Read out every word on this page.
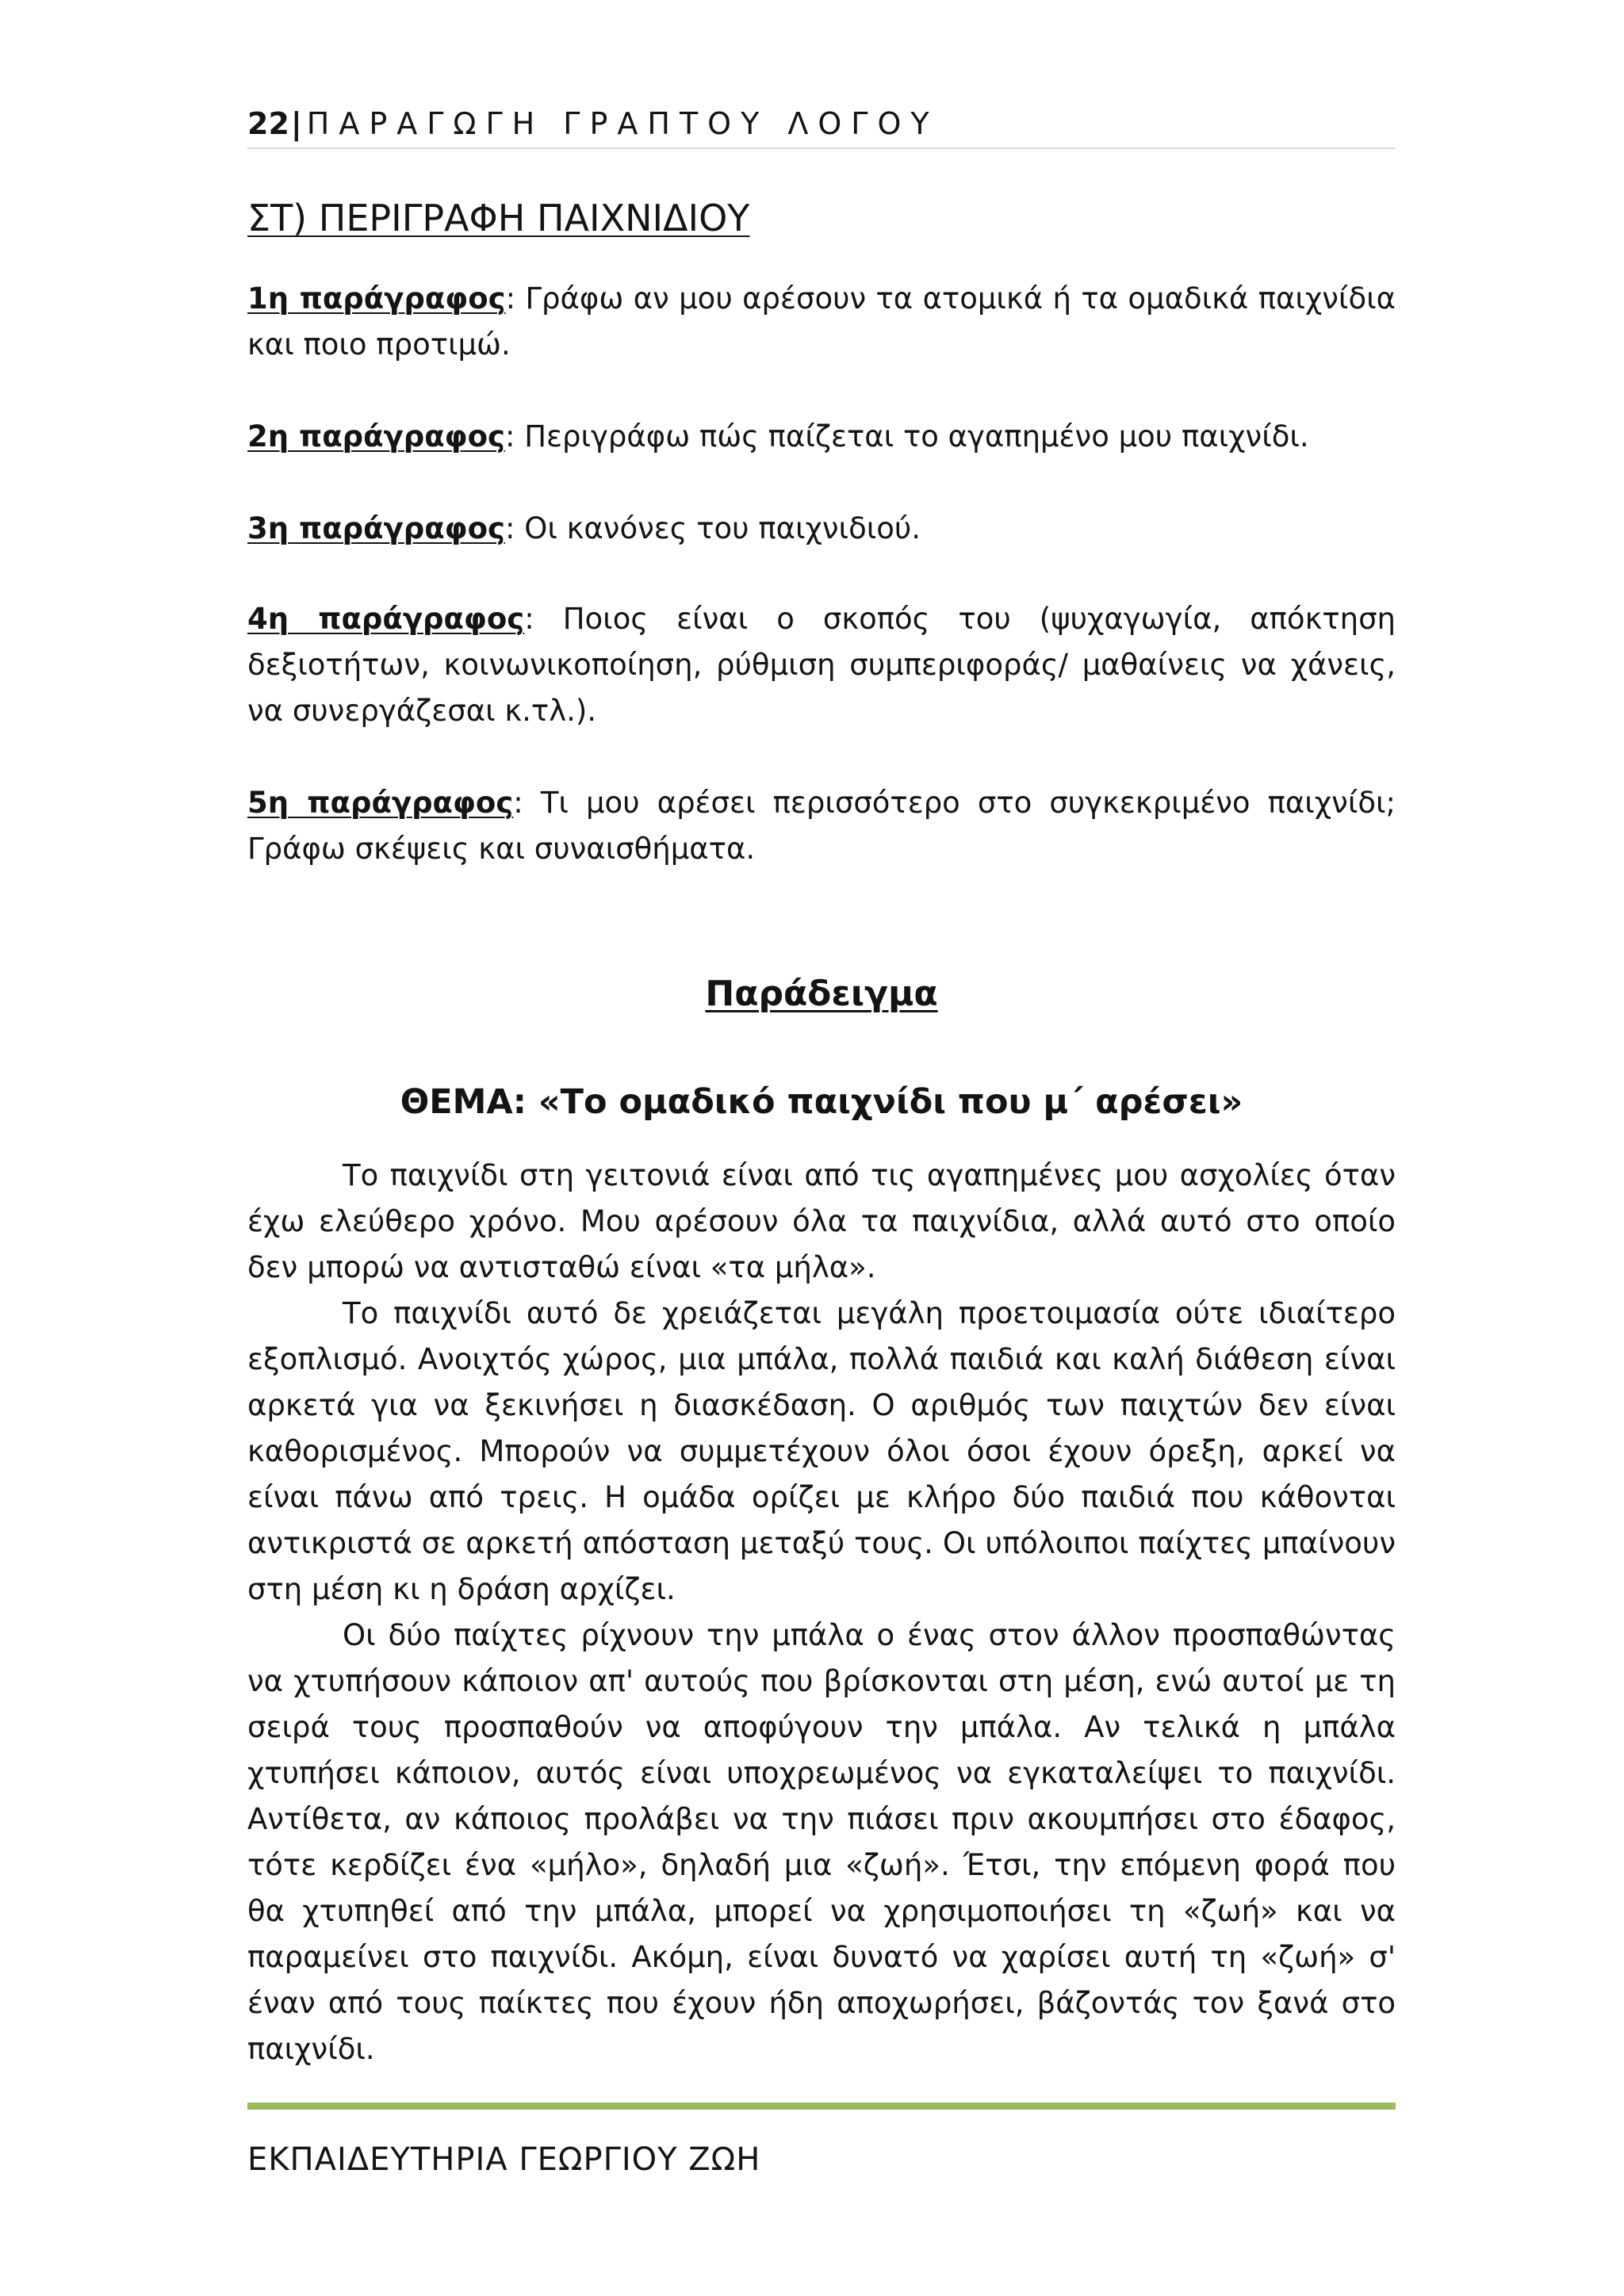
22| ΠΑΡΑΓΩΓΗ ΓΡΑΠΤΟΥ ΛΟΓΟΥ
ΣΤ) ΠΕΡΙΓΡΑΦΗ ΠΑΙΧΝΙΔΙΟΥ

1η παράγραφος: Γράφω αν μου αρέσουν τα ατομικά ή τα ομαδικά παιχνίδια και ποιο προτιμώ.

2η παράγραφος: Περιγράφω πώς παίζεται το αγαπημένο μου παιχνίδι.

3η παράγραφος: Οι κανόνες του παιχνιδιού.

4η παράγραφος: Ποιος είναι ο σκοπός του (ψυχαγωγία, απόκτηση δεξιοτήτων, κοινωνικοποίηση, ρύθμιση συμπεριφοράς/ μαθαίνεις να χάνεις, να συνεργάζεσαι κ.τλ.).

5η παράγραφος: Τι μου αρέσει περισσότερο στο συγκεκριμένο παιχνίδι; Γράφω σκέψεις και συναισθήματα.

Παράδειγμα
ΘΕΜΑ: «Το ομαδικό παιχνίδι που μ΄ αρέσει»

Το παιχνίδι στη γειτονιά είναι από τις αγαπημένες μου ασχολίες όταν έχω ελεύθερο χρόνο. Μου αρέσουν όλα τα παιχνίδια, αλλά αυτό στο οποίο δεν μπορώ να αντισταθώ είναι «τα μήλα».

Το παιχνίδι αυτό δε χρειάζεται μεγάλη προετοιμασία ούτε ιδιαίτερο εξοπλισμό. Ανοιχτός χώρος, μια μπάλα, πολλά παιδιά και καλή διάθεση είναι αρκετά για να ξεκινήσει η διασκέδαση. Ο αριθμός των παιχτών δεν είναι καθορισμένος. Μπορούν να συμμετέχουν όλοι όσοι έχουν όρεξη, αρκεί να είναι πάνω από τρεις. Η ομάδα ορίζει με κλήρο δύο παιδιά που κάθονται αντικριστά σε αρκετή απόσταση μεταξύ τους. Οι υπόλοιποι παίχτες μπαίνουν στη μέση κι η δράση αρχίζει.

Οι δύο παίχτες ρίχνουν την μπάλα ο ένας στον άλλον προσπαθώντας να χτυπήσουν κάποιον απ' αυτούς που βρίσκονται στη μέση, ενώ αυτοί με τη σειρά τους προσπαθούν να αποφύγουν την μπάλα. Αν τελικά η μπάλα χτυπήσει κάποιον, αυτός είναι υποχρεωμένος να εγκαταλείψει το παιχνίδι. Αντίθετα, αν κάποιος προλάβει να την πιάσει πριν ακουμπήσει στο έδαφος, τότε κερδίζει ένα «μήλο», δηλαδή μια «ζωή». Έτσι, την επόμενη φορά που θα χτυπηθεί από την μπάλα, μπορεί να χρησιμοποιήσει τη «ζωή» και να παραμείνει στο παιχνίδι. Ακόμη, είναι δυνατό να χαρίσει αυτή τη «ζωή» σ' έναν από τους παίκτες που έχουν ήδη αποχωρήσει, βάζοντάς τον ξανά στο παιχνίδι.

ΕΚΠΑΙΔΕΥΤΗΡΙΑ ΓΕΩΡΓΙΟΥ ΖΩΗ
